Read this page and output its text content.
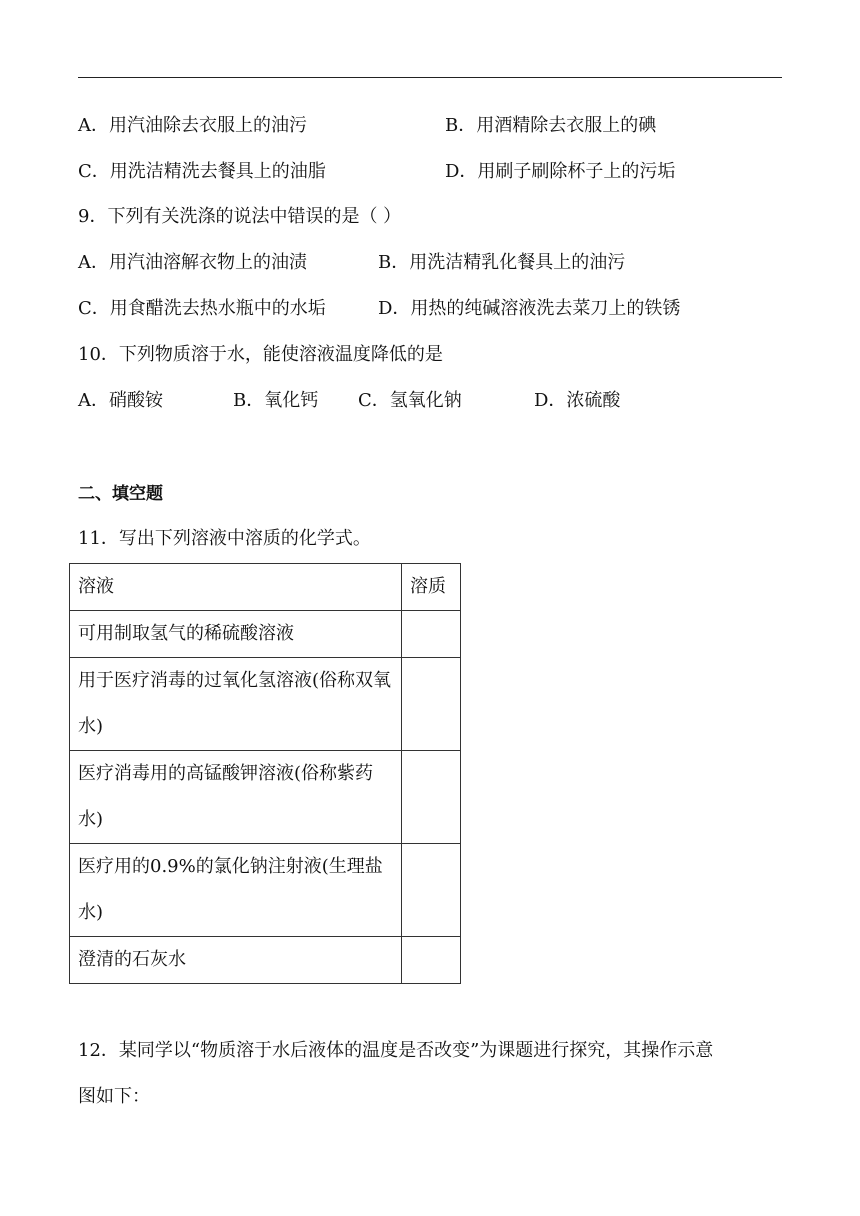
A．用汽油除去衣服上的油污	B．用酒精除去衣服上的碘
C．用洗洁精洗去餐具上的油脂	D．用刷子刷除杯子上的污垢
9．下列有关洗涤的说法中错误的是（ ）
A．用汽油溶解衣物上的油渍	B．用洗洁精乳化餐具上的油污
C．用食醋洗去热水瓶中的水垢	D．用热的纯碱溶液洗去菜刀上的铁锈
10．下列物质溶于水，能使溶液温度降低的是
A．硝酸铵	B．氧化钙 C．氢氧化钠	D．浓硫酸
二、填空题
11．写出下列溶液中溶质的化学式。
溶液	溶质
可用制取氢气的稀硫酸溶液	
用于医疗消毒的过氧化氢溶液(俗称双氧水)	
医疗消毒用的高锰酸钾溶液(俗称紫药水)	
医疗用的0.9%的氯化钠注射液(生理盐水)	
澄清的石灰水	
12．某同学以“物质溶于水后液体的温度是否改变”为课题进行探究，其操作示意
图如下：
